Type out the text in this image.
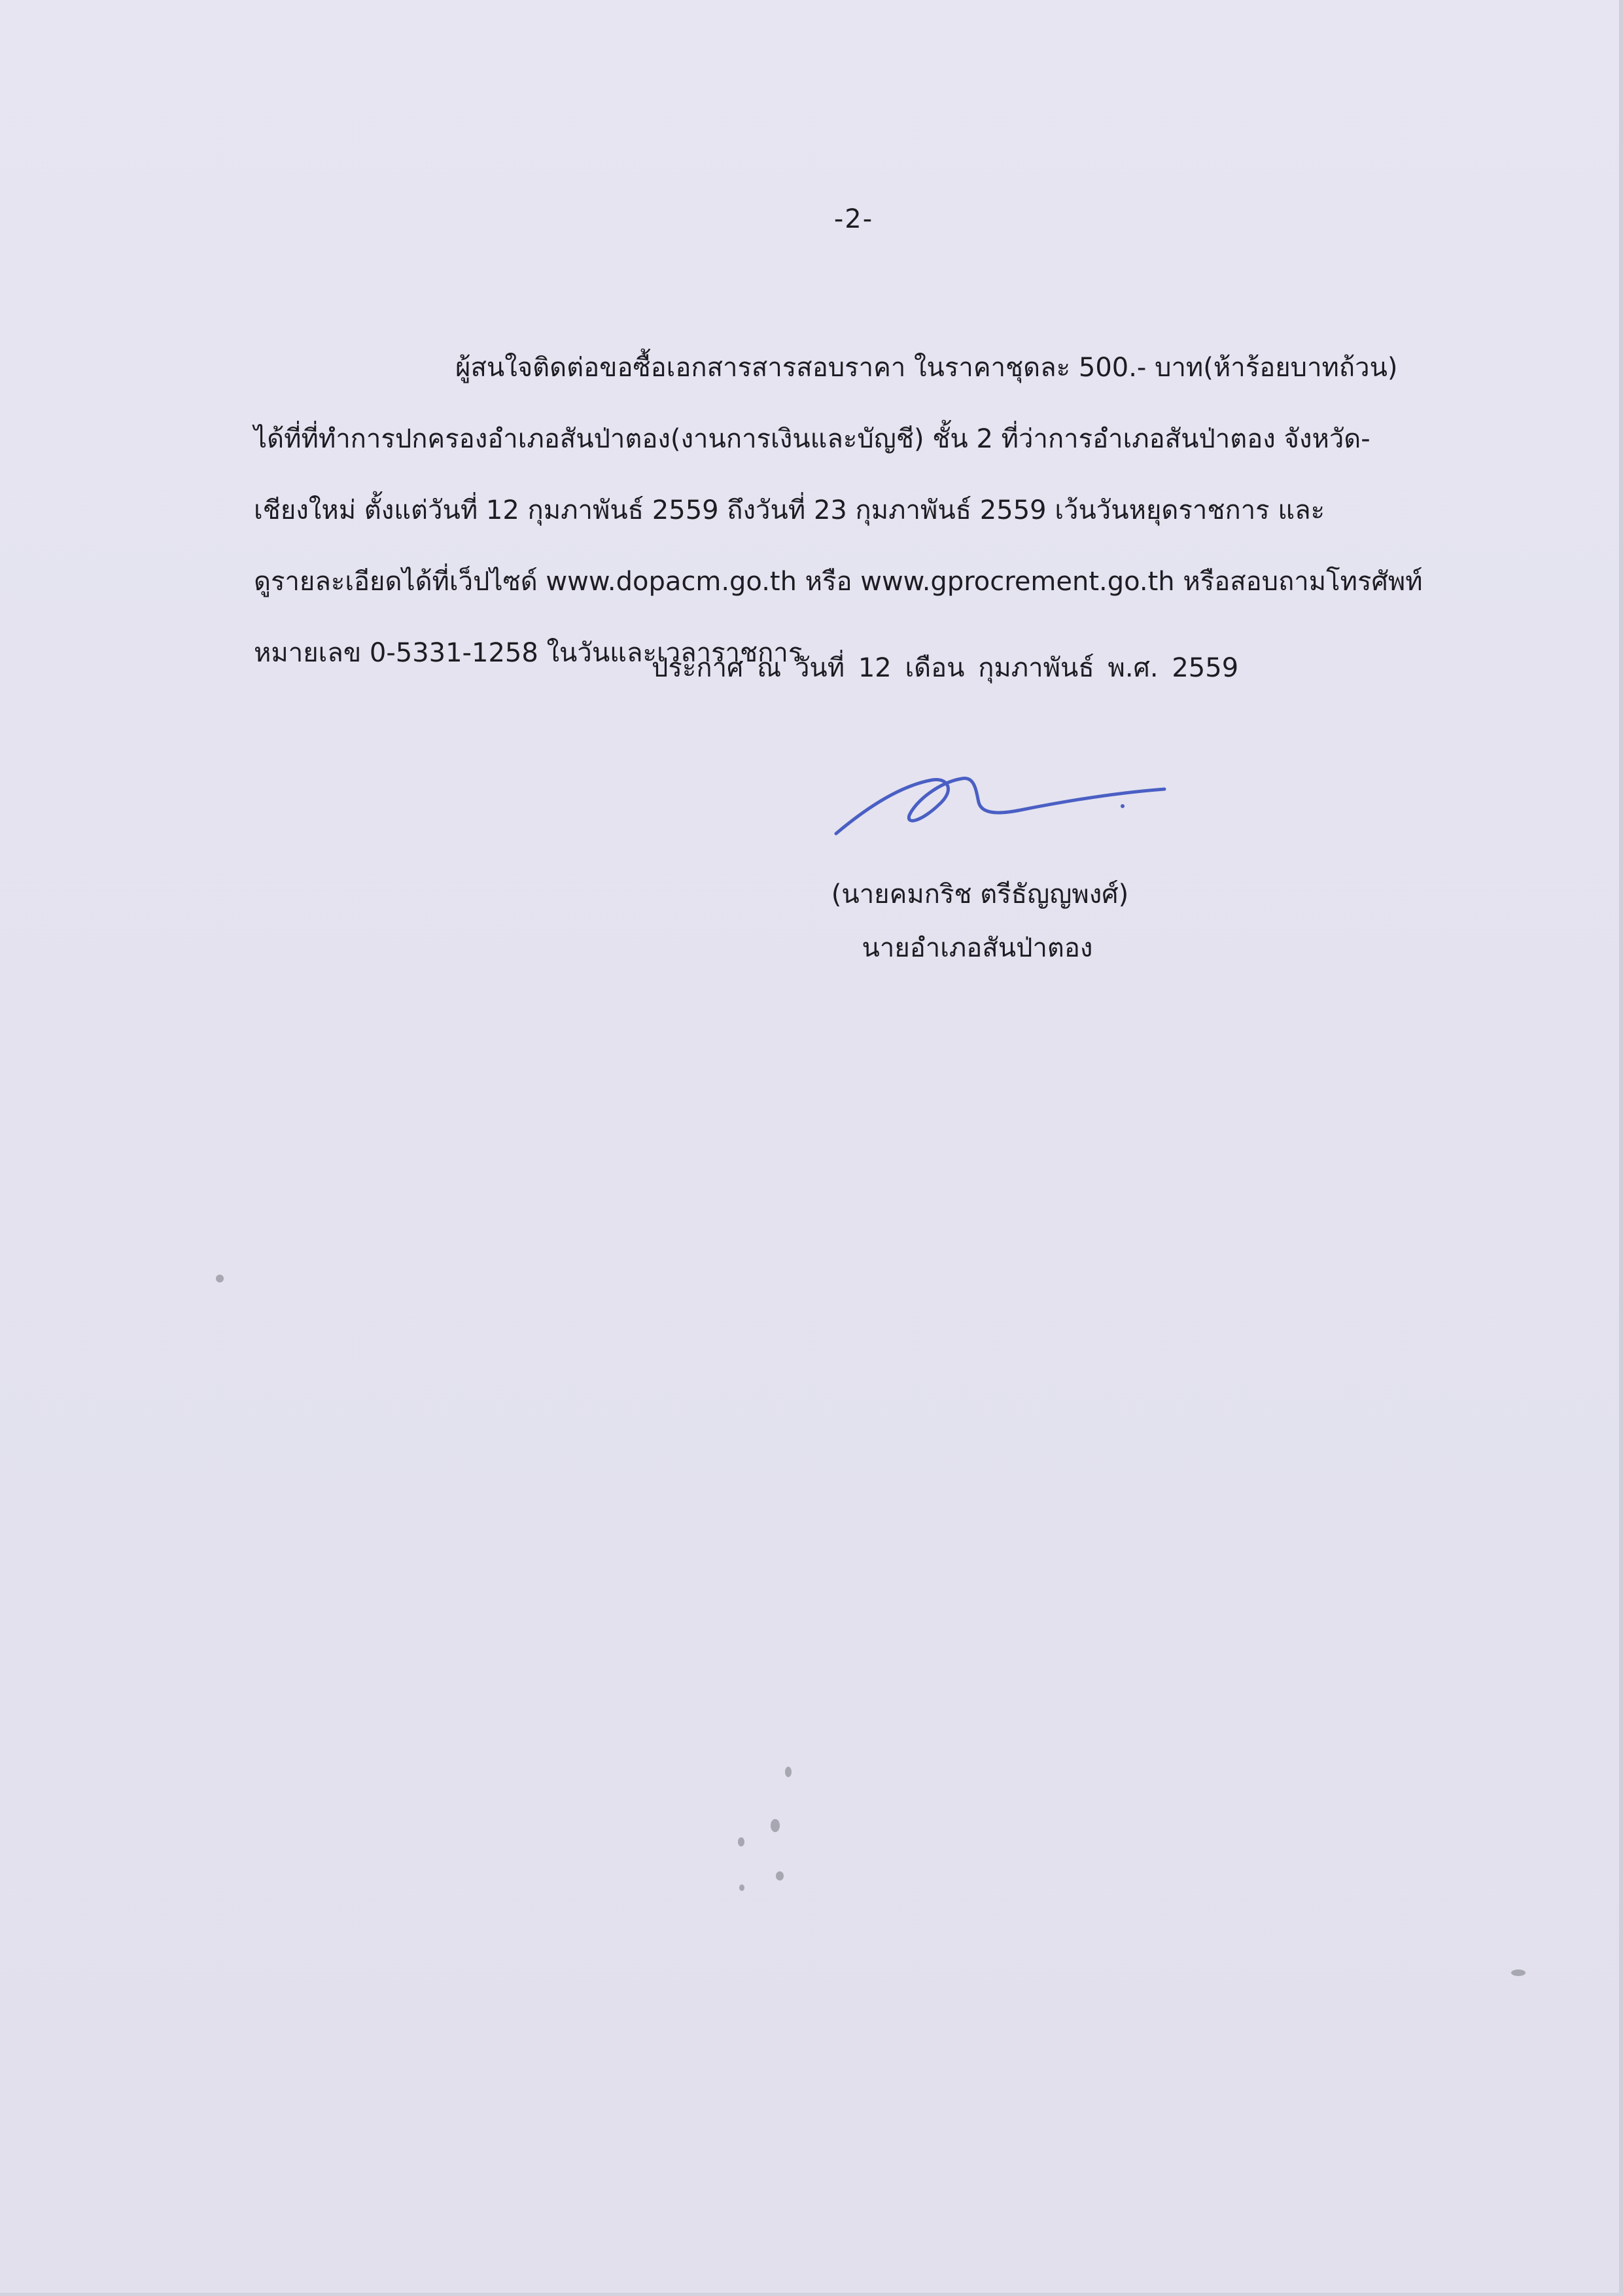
-2-
ผู้สนใจติดต่อขอซื้อเอกสารสารสอบราคา ในราคาชุดละ 500.- บาท(ห้าร้อยบาทถ้วน)
ได้ที่ที่ทำการปกครองอำเภอสันป่าตอง(งานการเงินและบัญชี) ชั้น 2 ที่ว่าการอำเภอสันป่าตอง จังหวัด-
เชียงใหม่ ตั้งแต่วันที่ 12 กุมภาพันธ์ 2559 ถึงวันที่ 23 กุมภาพันธ์ 2559 เว้นวันหยุดราชการ และ
ดูรายละเอียดได้ที่เว็ปไซด์ www.dopacm.go.th หรือ www.gprocrement.go.th หรือสอบถามโทรศัพท์
หมายเลข 0-5331-1258 ในวันและเวลาราชการ
ประกาศ ณ วันที่ 12 เดือน กุมภาพันธ์ พ.ศ. 2559
(นายคมกริช ตรีธัญญพงศ์)
นายอำเภอสันป่าตอง
